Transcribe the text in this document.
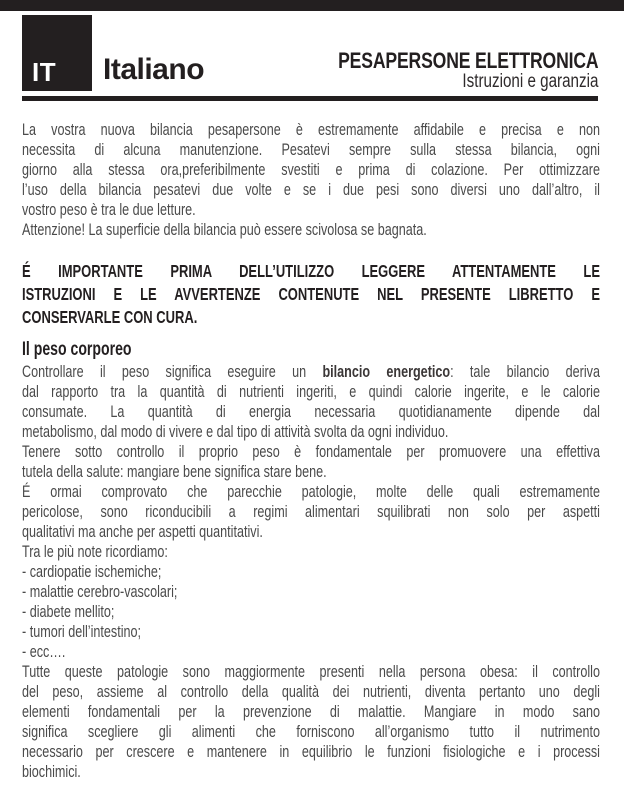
IT Italiano	PESAPERSONE ELETTRONICA
Istruzioni e garanzia
La vostra nuova bilancia pesapersone è estremamente affidabile e precisa e non
necessita di alcuna manutenzione. Pesatevi sempre sulla stessa bilancia, ogni
giorno alla stessa ora,preferibilmente svestiti e prima di colazione. Per ottimizzare
l’uso della bilancia pesatevi due volte e se i due pesi sono diversi uno dall’altro, il
vostro peso è tra le due letture.
Attenzione! La superficie della bilancia può essere scivolosa se bagnata.
É IMPORTANTE PRIMA DELL’UTILIZZO LEGGERE ATTENTAMENTE LE
ISTRUZIONI E LE AVVERTENZE CONTENUTE NEL PRESENTE LIBRETTO E
CONSERVARLE CON CURA.
Il peso corporeo
Controllare il peso significa eseguire un bilancio energetico: tale bilancio deriva
dal rapporto tra la quantità di nutrienti ingeriti, e quindi calorie ingerite, e le calorie
consumate. La quantità di energia necessaria quotidianamente dipende dal
metabolismo, dal modo di vivere e dal tipo di attività svolta da ogni individuo.
Tenere sotto controllo il proprio peso è fondamentale per promuovere una effettiva
tutela della salute: mangiare bene significa stare bene.
É ormai comprovato che parecchie patologie, molte delle quali estremamente
pericolose, sono riconducibili a regimi alimentari squilibrati non solo per aspetti
qualitativi ma anche per aspetti quantitativi.
Tra le più note ricordiamo:
- cardiopatie ischemiche;
- malattie cerebro-vascolari;
- diabete mellito;
- tumori dell’intestino;
- ecc….
Tutte queste patologie sono maggiormente presenti nella persona obesa: il controllo
del peso, assieme al controllo della qualità dei nutrienti, diventa pertanto uno degli
elementi fondamentali per la prevenzione di malattie. Mangiare in modo sano
significa scegliere gli alimenti che forniscono all’organismo tutto il nutrimento
necessario per crescere e mantenere in equilibrio le funzioni fisiologiche e i processi
biochimici.
